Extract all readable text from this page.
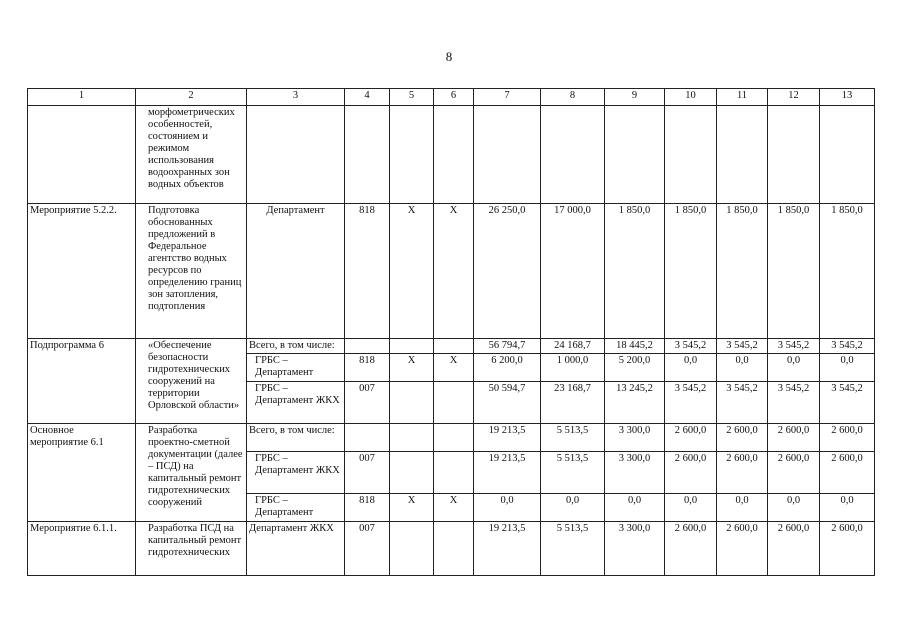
8
1	2	3	4	5	6	7	8	9	10	11	12	13
	морфометрических особенностей, состоянием и режимом использования водоохранных зон водных объектов											
Мероприятие 5.2.2.	Подготовка обоснованных предложений в Федеральное агентство водных ресурсов по определению границ зон затопления, подтопления	Департамент	818	Х	Х	26 250,0	17 000,0	1 850,0	1 850,0	1 850,0	1 850,0	1 850,0
Подпрограмма 6	«Обеспечение безопасности гидротехнических сооружений на территории Орловской области»	Всего, в том числе:				56 794,7	24 168,7	18 445,2	3 545,2	3 545,2	3 545,2	3 545,2
		ГРБС – Департамент	818	Х	Х	6 200,0	1 000,0	5 200,0	0,0	0,0	0,0	0,0
		ГРБС – Департамент ЖКХ	007			50 594,7	23 168,7	13 245,2	3 545,2	3 545,2	3 545,2	3 545,2
Основное мероприятие 6.1	Разработка проектно-сметной документации (далее – ПСД) на капитальный ремонт гидротехнических сооружений	Всего, в том числе:				19 213,5	5 513,5	3 300,0	2 600,0	2 600,0	2 600,0	2 600,0
		ГРБС – Департамент ЖКХ	007			19 213,5	5 513,5	3 300,0	2 600,0	2 600,0	2 600,0	2 600,0
		ГРБС – Департамент	818	Х	Х	0,0	0,0	0,0	0,0	0,0	0,0	0,0
Мероприятие 6.1.1.	Разработка ПСД на капитальный ремонт гидротехнических	Департамент ЖКХ	007			19 213,5	5 513,5	3 300,0	2 600,0	2 600,0	2 600,0	2 600,0
